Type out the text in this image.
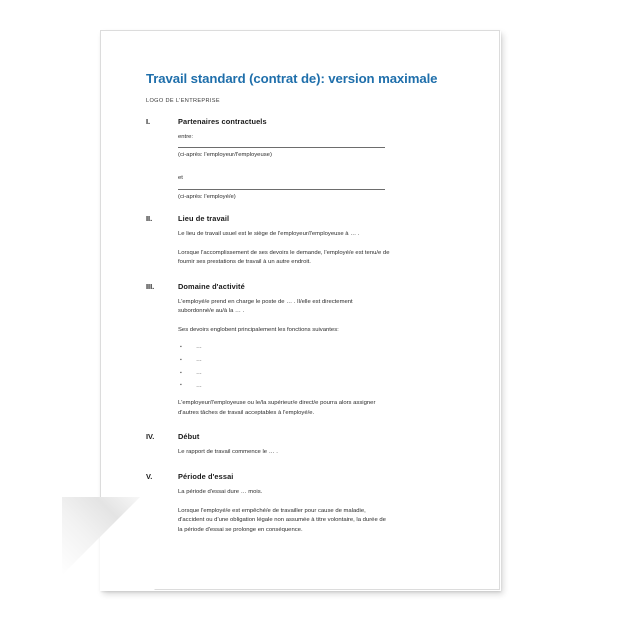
Travail standard (contrat de): version maximale
LOGO DE L'ENTREPRISE
I.	Partenaires contractuels

entre:

(ci-après: l'employeur/l'employeuse)

et

(ci-après: l'employé/e)

II.	Lieu de travail

Le lieu de travail usuel est le siège de l'employeur/l'employeuse à … .

Lorsque l'accomplissement de ses devoirs le demande, l'employé/e est tenu/e de fournir ses prestations de travail à un autre endroit.

III.	Domaine d'activité

L'employé/e prend en charge le poste de … . Il/elle est directement subordonné/e au/à la … .

Ses devoirs englobent principalement les fonctions suivantes:

▪ …
▪ …
▪ …
▪ …

L'employeur/l'employeuse ou le/la supérieur/e direct/e pourra alors assigner d'autres tâches de travail acceptables à l'employé/e.

IV.	Début

Le rapport de travail commence le … .

V.	Période d'essai

La période d'essai dure … mois.

Lorsque l'employé/e est empêché/e de travailler pour cause de maladie, d'accident ou d'une obligation légale non assumée à titre volontaire, la durée de la période d'essai se prolonge en conséquence.
